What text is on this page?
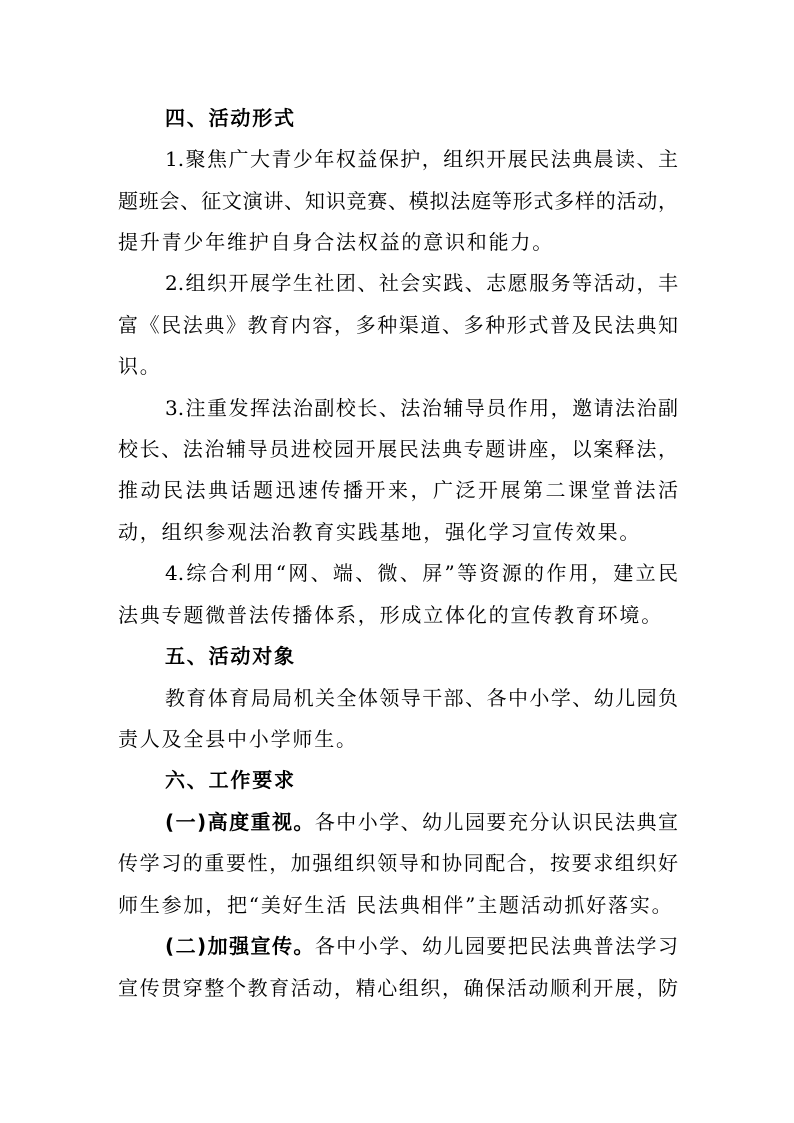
四、活动形式
1.聚焦广大青少年权益保护，组织开展民法典晨读、主
题班会、征文演讲、知识竞赛、模拟法庭等形式多样的活动，
提升青少年维护自身合法权益的意识和能力。
2.组织开展学生社团、社会实践、志愿服务等活动，丰
富《民法典》教育内容，多种渠道、多种形式普及民法典知
识。
3.注重发挥法治副校长、法治辅导员作用，邀请法治副
校长、法治辅导员进校园开展民法典专题讲座，以案释法，
推动民法典话题迅速传播开来，广泛开展第二课堂普法活
动，组织参观法治教育实践基地，强化学习宣传效果。
4.综合利用“网、端、微、屏”等资源的作用，建立民
法典专题微普法传播体系，形成立体化的宣传教育环境。
五、活动对象
教育体育局局机关全体领导干部、各中小学、幼儿园负
责人及全县中小学师生。
六、工作要求
(一)高度重视。各中小学、幼儿园要充分认识民法典宣
传学习的重要性，加强组织领导和协同配合，按要求组织好
师生参加，把“美好生活 民法典相伴”主题活动抓好落实。
(二)加强宣传。各中小学、幼儿园要把民法典普法学习
宣传贯穿整个教育活动，精心组织，确保活动顺利开展，防
